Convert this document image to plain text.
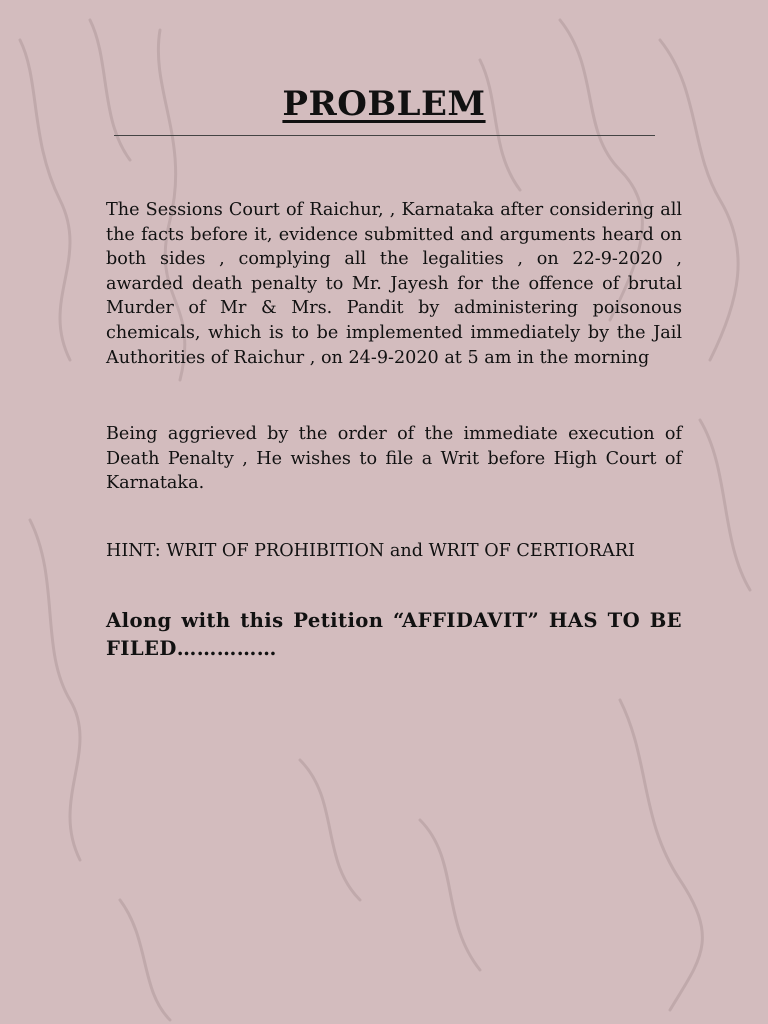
PROBLEM

The Sessions Court of Raichur, , Karnataka after considering all the facts before it, evidence submitted and arguments heard on both sides , complying all the legalities , on 22-9-2020 , awarded death penalty to Mr. Jayesh for the offence of brutal Murder of Mr & Mrs. Pandit by administering poisonous chemicals, which is to be implemented immediately by the Jail Authorities of Raichur , on 24-9-2020 at 5 am in the morning

Being aggrieved by the order of the immediate execution of Death Penalty , He wishes to file a Writ before High Court of Karnataka.

HINT: WRIT OF PROHIBITION and WRIT OF CERTIORARI

Along with this Petition “AFFIDAVIT” HAS TO BE FILED……………
